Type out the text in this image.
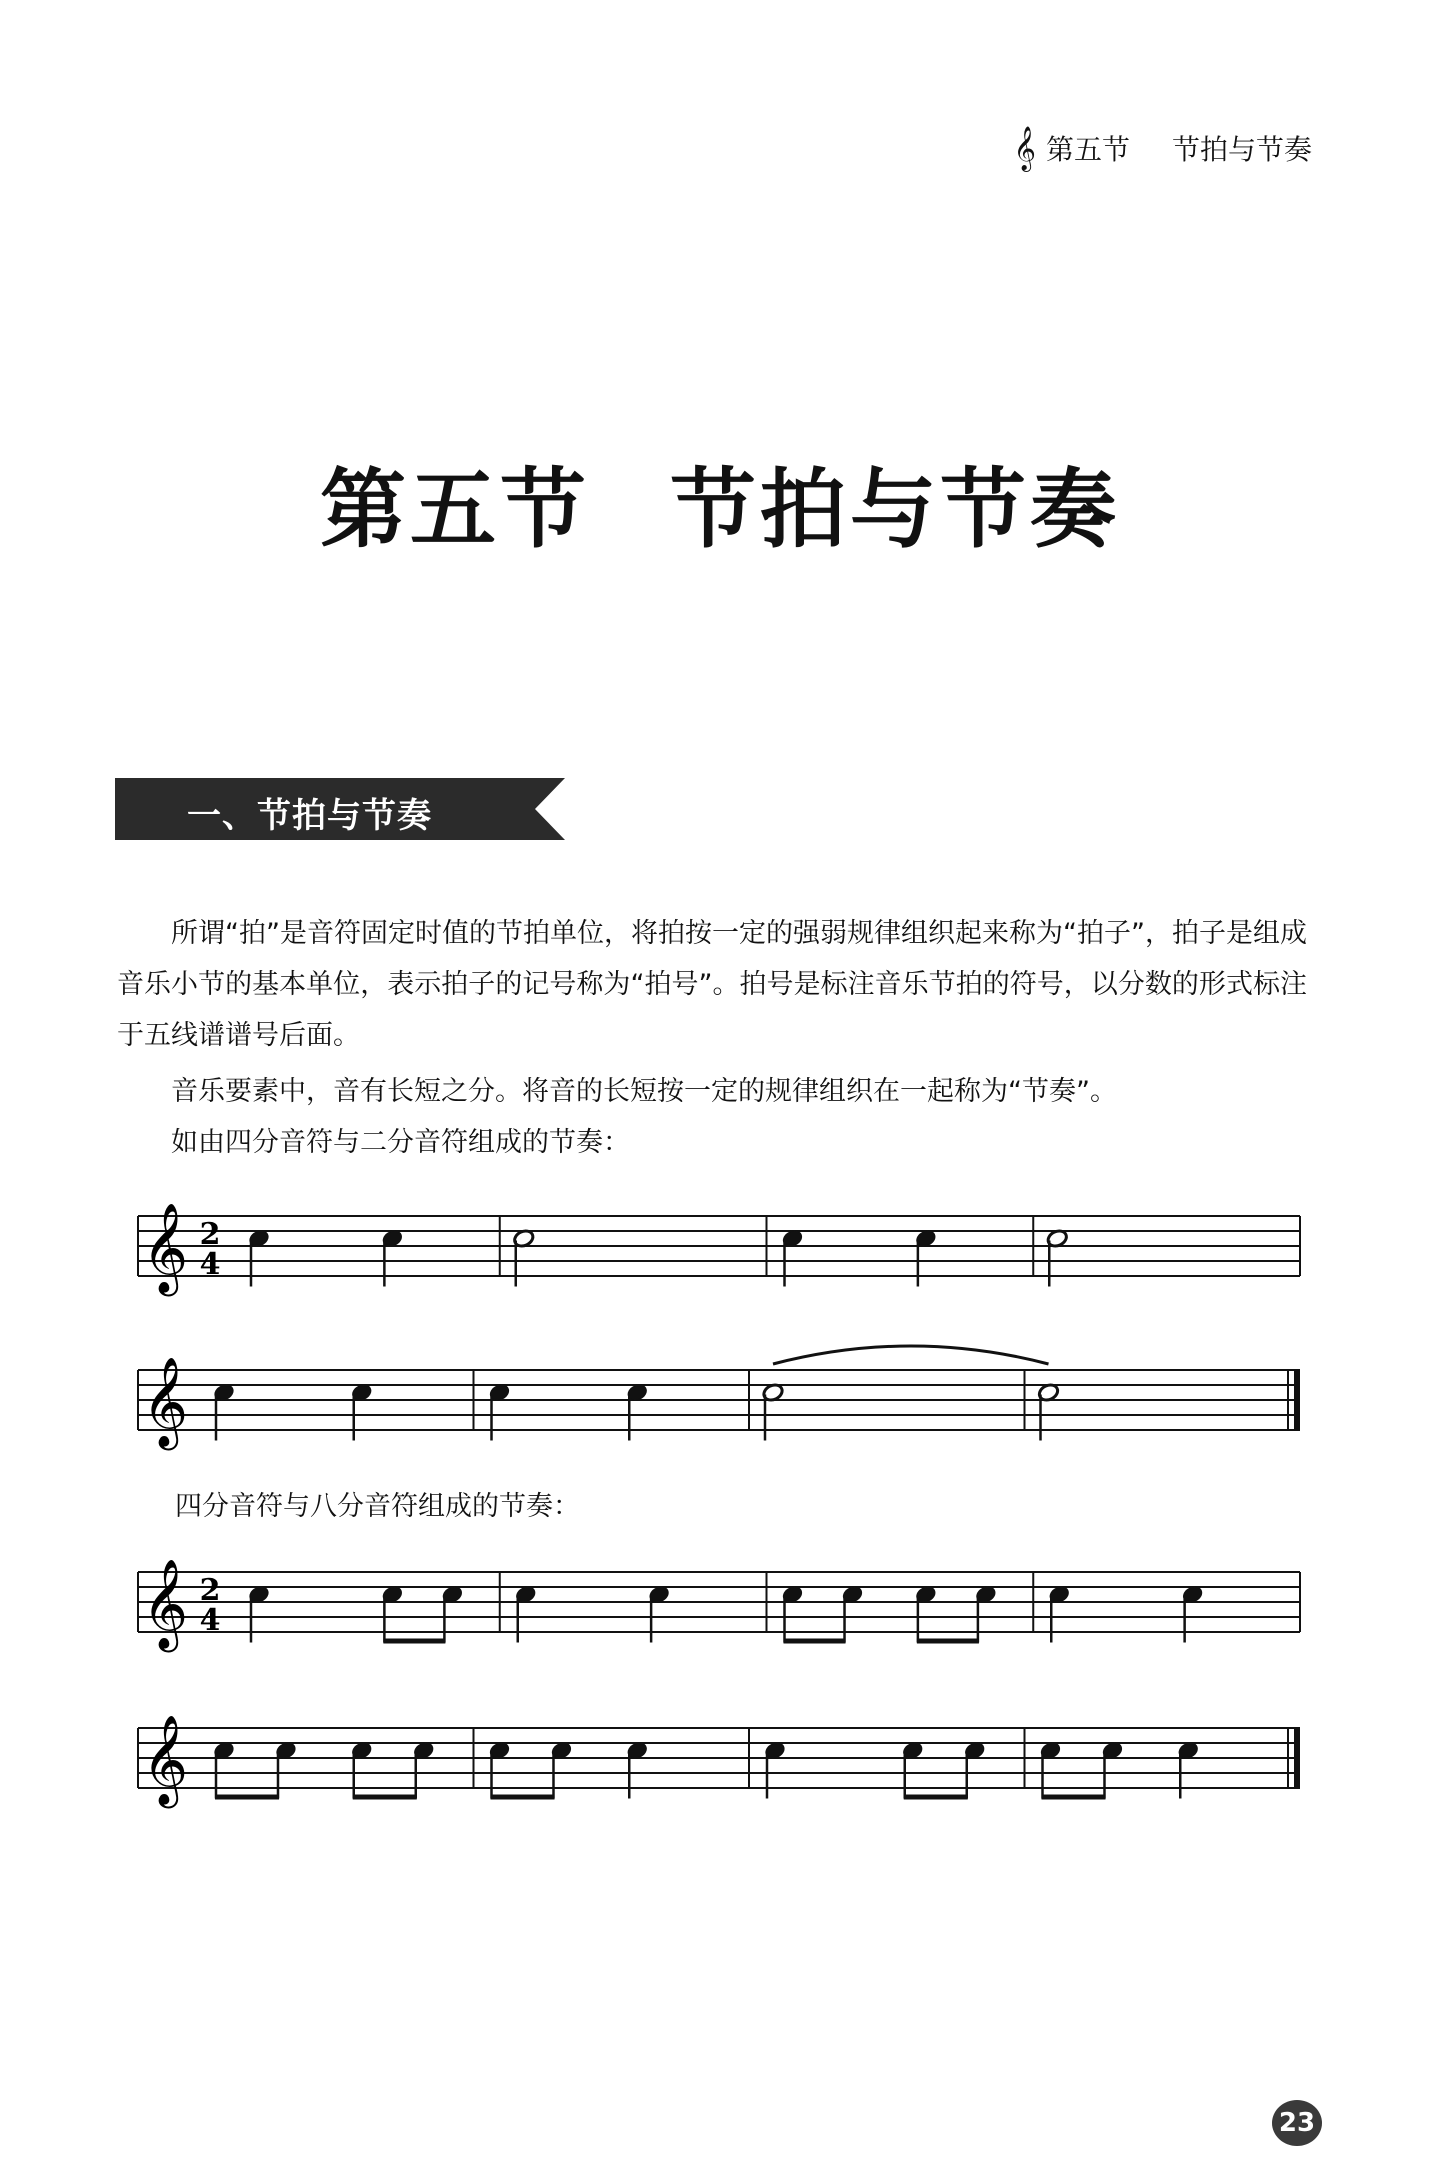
𝄞 第五节 节拍与节奏
第五节 节拍与节奏
一、节拍与节奏
所谓“拍”是音符固定时值的节拍单位，将拍按一定的强弱规律组织起来称为“拍子”，拍子是组成音乐小节的基本单位，表示拍子的记号称为“拍号”。拍号是标注音乐节拍的符号，以分数的形式标注于五线谱谱号后面。
音乐要素中，音有长短之分。将音的长短按一定的规律组织在一起称为“节奏”。
如由四分音符与二分音符组成的节奏：
四分音符与八分音符组成的节奏：
𝄞 2
4
𝄞
𝄞 2
4
𝄞
23
